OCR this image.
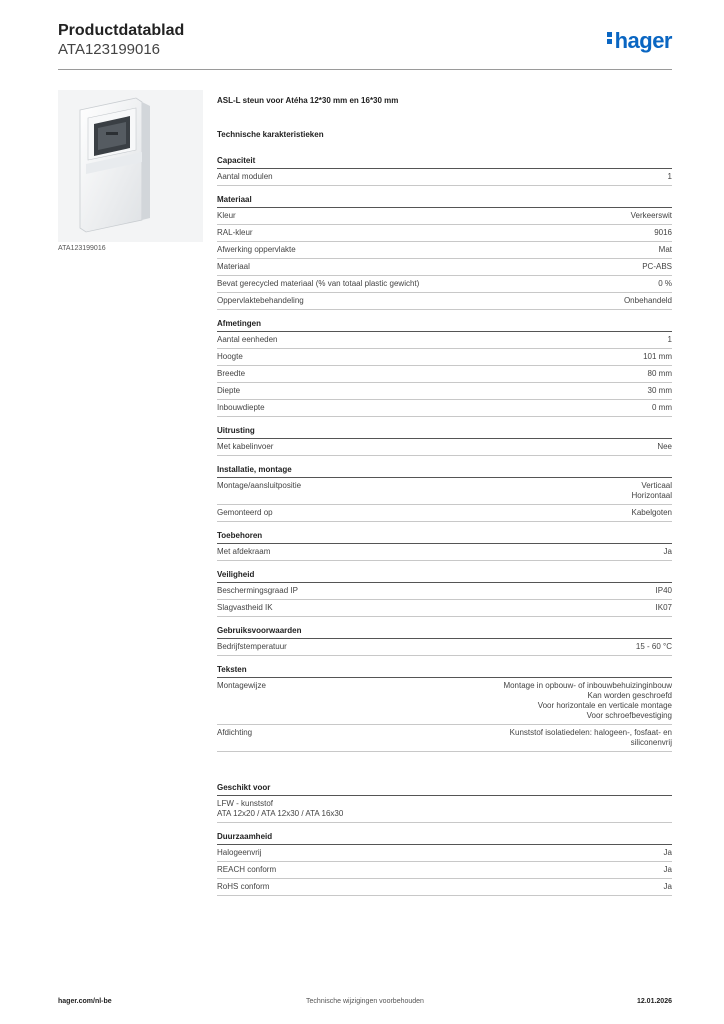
Productdatablad
ATA123199016	hager
ATA123199016
ASL-L steun voor Atéha 12*30 mm en 16*30 mm
Technische karakteristieken
Capaciteit
Aantal modulen	1
Materiaal
Kleur	Verkeerswit
RAL-kleur	9016
Afwerking oppervlakte	Mat
Materiaal	PC-ABS
Bevat gerecycled materiaal (% van totaal plastic gewicht)	0 %
Oppervlaktebehandeling	Onbehandeld
Afmetingen
Aantal eenheden	1
Hoogte	101 mm
Breedte	80 mm
Diepte	30 mm
Inbouwdiepte	0 mm
Uitrusting
Met kabelinvoer	Nee
Installatie, montage
Montage/aansluitpositie	Verticaal
Horizontaal
Gemonteerd op	Kabelgoten
Toebehoren
Met afdekraam	Ja
Veiligheid
Beschermingsgraad IP	IP40
Slagvastheid IK	IK07
Gebruiksvoorwaarden
Bedrijfstemperatuur	15 - 60 °C
Teksten
Montagewijze	Montage in opbouw- of inbouwbehuizinginbouw
Kan worden geschroefd
Voor horizontale en verticale montage
Voor schroefbevestiging
Afdichting	Kunststof isolatiedelen: halogeen-, fosfaat- en
siliconenvrij
Geschikt voor
LFW - kunststof
ATA 12x20 / ATA 12x30 / ATA 16x30
Duurzaamheid
Halogeenvrij	Ja
REACH conform	Ja
RoHS conform	Ja
hager.com/nl-be	Technische wijzigingen voorbehouden	12.01.2026
